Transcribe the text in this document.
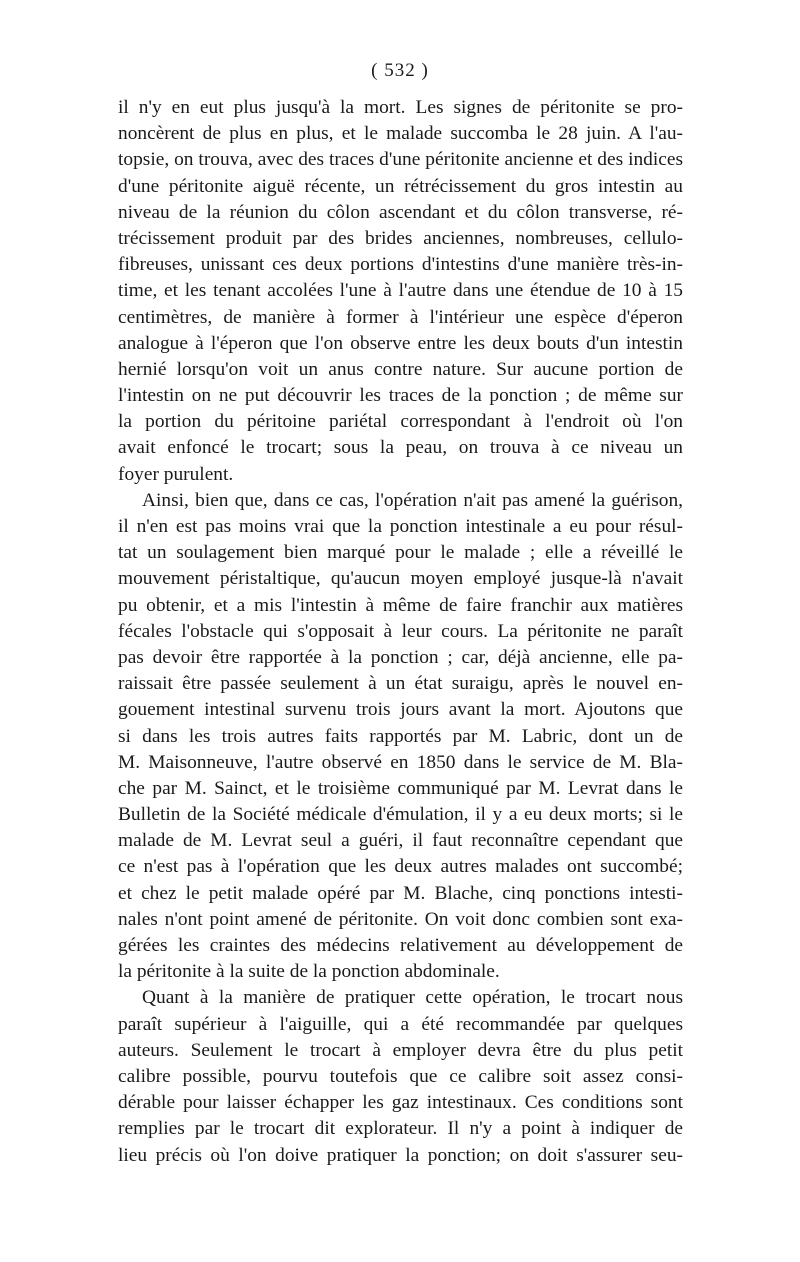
( 532 )
il n'y en eut plus jusqu'à la mort. Les signes de péritonite se pro-
noncèrent de plus en plus, et le malade succomba le 28 juin. A l'au-
topsie, on trouva, avec des traces d'une péritonite ancienne et des indices
d'une péritonite aiguë récente, un rétrécissement du gros intestin au
niveau de la réunion du côlon ascendant et du côlon transverse, ré-
trécissement produit par des brides anciennes, nombreuses, cellulo-
fibreuses, unissant ces deux portions d'intestins d'une manière très-in-
time, et les tenant accolées l'une à l'autre dans une étendue de 10 à 15
centimètres, de manière à former à l'intérieur une espèce d'éperon
analogue à l'éperon que l'on observe entre les deux bouts d'un intestin
hernié lorsqu'on voit un anus contre nature. Sur aucune portion de
l'intestin on ne put découvrir les traces de la ponction ; de même sur
la portion du péritoine pariétal correspondant à l'endroit où l'on
avait enfoncé le trocart; sous la peau, on trouva à ce niveau un
foyer purulent.
Ainsi, bien que, dans ce cas, l'opération n'ait pas amené la guérison,
il n'en est pas moins vrai que la ponction intestinale a eu pour résul-
tat un soulagement bien marqué pour le malade ; elle a réveillé le
mouvement péristaltique, qu'aucun moyen employé jusque-là n'avait
pu obtenir, et a mis l'intestin à même de faire franchir aux matières
fécales l'obstacle qui s'opposait à leur cours. La péritonite ne paraît
pas devoir être rapportée à la ponction ; car, déjà ancienne, elle pa-
raissait être passée seulement à un état suraigu, après le nouvel en-
gouement intestinal survenu trois jours avant la mort. Ajoutons que
si dans les trois autres faits rapportés par M. Labric, dont un de
M. Maisonneuve, l'autre observé en 1850 dans le service de M. Bla-
che par M. Sainct, et le troisième communiqué par M. Levrat dans le
Bulletin de la Société médicale d'émulation, il y a eu deux morts; si le
malade de M. Levrat seul a guéri, il faut reconnaître cependant que
ce n'est pas à l'opération que les deux autres malades ont succombé;
et chez le petit malade opéré par M. Blache, cinq ponctions intesti-
nales n'ont point amené de péritonite. On voit donc combien sont exa-
gérées les craintes des médecins relativement au développement de
la péritonite à la suite de la ponction abdominale.
Quant à la manière de pratiquer cette opération, le trocart nous
paraît supérieur à l'aiguille, qui a été recommandée par quelques
auteurs. Seulement le trocart à employer devra être du plus petit
calibre possible, pourvu toutefois que ce calibre soit assez consi-
dérable pour laisser échapper les gaz intestinaux. Ces conditions sont
remplies par le trocart dit explorateur. Il n'y a point à indiquer de
lieu précis où l'on doive pratiquer la ponction; on doit s'assurer seu-
